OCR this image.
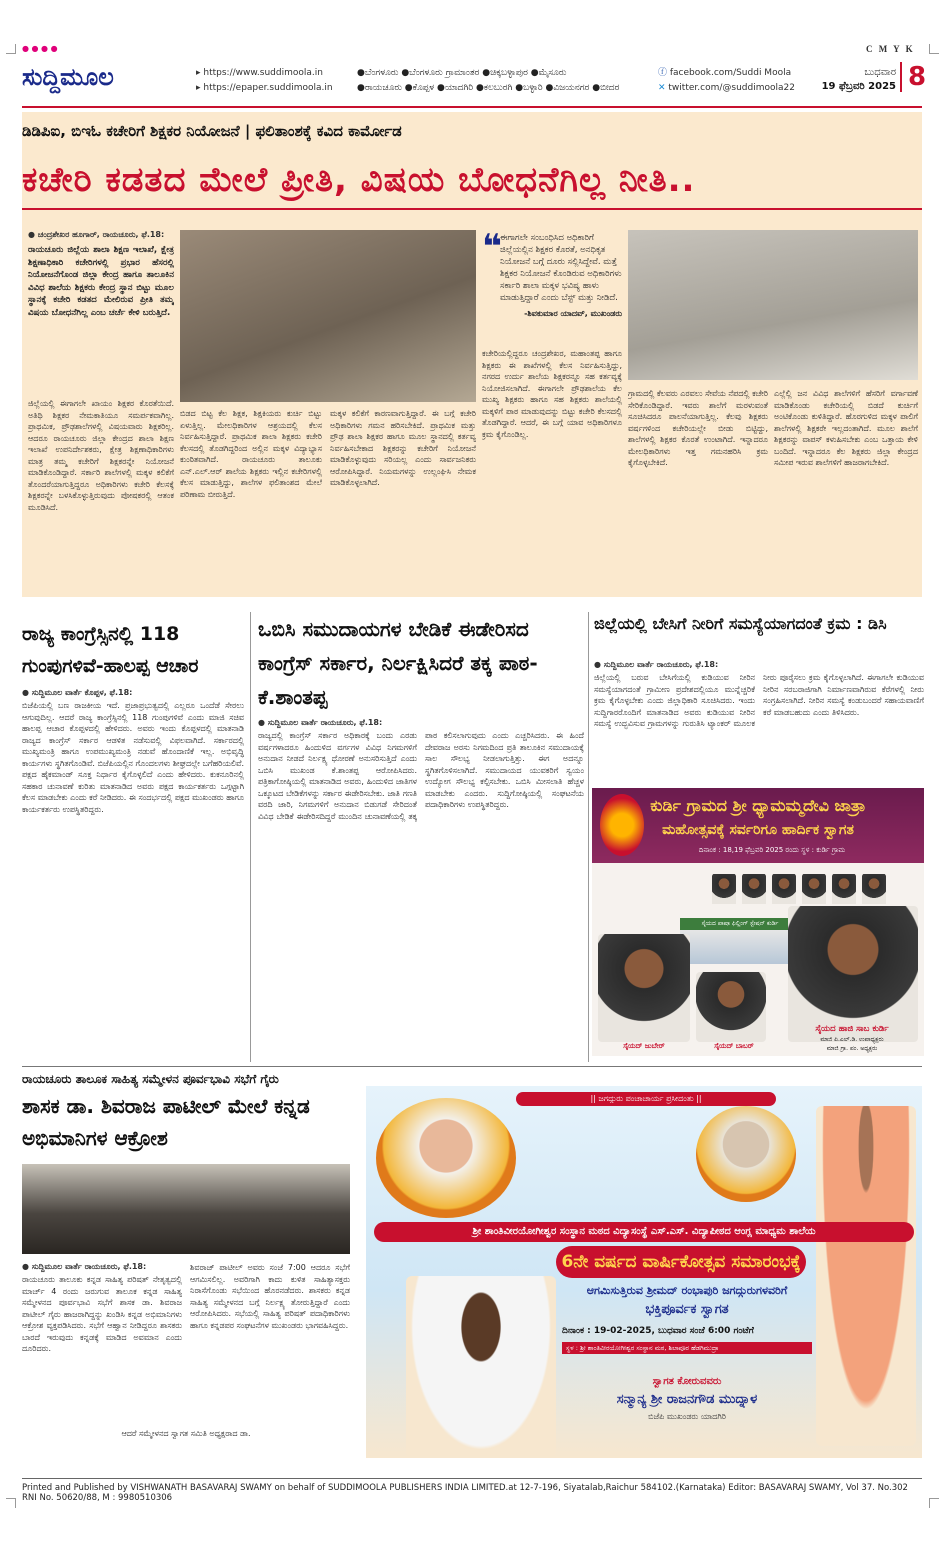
● ● ● ●	C M Y K
ಸುದ್ದಿಮೂಲ	▸ https://www.suddimoola.in
▸ https://epaper.suddimoola.in
●ಬೆಂಗಳೂರು ●ಬೆಂಗಳೂರು ಗ್ರಾಮಾಂತರ ●ಚಿಕ್ಕಬಳ್ಳಾಪುರ ●ಮೈಸೂರು
●ರಾಯಚೂರು ●ಕೊಪ್ಪಳ ●ಯಾದಗಿರಿ ●ಕಲಬುರಗಿ ●ಬಳ್ಳಾರಿ ●ವಿಜಯನಗರ ●ಬೀದರ
ⓕ facebook.com/Suddi Moola
✕ twitter.com/@suddimoola22
ಬುಧವಾರ
19 ಫೆಬ್ರವರಿ 2025 8
ಡಿಡಿಪಿಐ, ಬಿಇಓ ಕಚೇರಿಗೆ ಶಿಕ್ಷಕರ ನಿಯೋಜನೆ | ಫಲಿತಾಂಶಕ್ಕೆ ಕವಿದ ಕಾರ್ಮೋಡ
ಕಚೇರಿ ಕಡತದ ಮೇಲೆ ಪ್ರೀತಿ, ವಿಷಯ ಬೋಧನೆಗಿಲ್ಲ ನೀತಿ..
● ಚಂದ್ರಶೇಖರ ಹೂಗಾರ್, ರಾಯಚೂರು, ಫೆ.18:
ರಾಯಚೂರು ಜಿಲ್ಲೆಯ ಶಾಲಾ ಶಿಕ್ಷಣ ಇಲಾಖೆ, ಕ್ಷೇತ್ರ ಶಿಕ್ಷಣಾಧಿಕಾರಿ ಕಚೇರಿಗಳಲ್ಲಿ ಪ್ರಭಾರ ಹೆಸರಲ್ಲಿ ನಿಯೋಜನೆಗೊಂಡ ಜಿಲ್ಲಾ ಕೇಂದ್ರ ಹಾಗೂ ತಾಲೂಕಿನ ವಿವಿಧ ಶಾಲೆಯ ಶಿಕ್ಷಕರು ಕೇಂದ್ರ ಸ್ಥಾನ ಬಿಟ್ಟು ಮೂಲ ಸ್ಥಾನಕ್ಕೆ ಕಚೇರಿ ಕಡತದ ಮೇಲಿರುವ ಪ್ರೀತಿ ತಮ್ಮ ವಿಷಯ ಬೋಧನೆಗಿಲ್ಲ ಎಂಬ ಚರ್ಚೆ ಕೇಳಿ ಬರುತ್ತಿದೆ.
❝
ಈಗಾಗಲೇ ಸಂಬಂಧಿಸಿದ ಅಧಿಕಾರಿಗೆ ಜಿಲ್ಲೆಯಲ್ಲಿನ ಶಿಕ್ಷಕರ ಕೊರತೆ, ಅನಧಿಕೃತ ನಿಯೋಜನೆ ಬಗ್ಗೆ ದೂರು ಸಲ್ಲಿಸಿದ್ದೇವೆ. ಮತ್ತೆ ಶಿಕ್ಷಕರ ನಿಯೋಜನೆ ಕೊಂಡಿರುವ ಅಧಿಕಾರಿಗಳು ಸರ್ಕಾರಿ ಶಾಲಾ ಮಕ್ಕಳ ಭವಿಷ್ಯ ಹಾಳು ಮಾಡುತ್ತಿದ್ದಾರೆ ಎಂದು ಬೆಸ್ಟ್ ಮತ್ತು ನೀಡಿದೆ.
-ಶಿವಕುಮಾರ ಯಾದವ್, ಮುಖಂಡರು
ಜಿಲ್ಲೆಯಲ್ಲಿ ಈಗಾಗಲೇ ಖಾಯಂ ಶಿಕ್ಷಕರ ಕೊರತೆಯಿದೆ. ಅತಿಥಿ ಶಿಕ್ಷಕರ ನೇಮಕಾತಿಯೂ ಸಮರ್ಪಕವಾಗಿಲ್ಲ. ಪ್ರಾಥಮಿಕ, ಪ್ರೌಢಶಾಲೆಗಳಲ್ಲಿ ವಿಷಯವಾರು ಶಿಕ್ಷಕರಿಲ್ಲ. ಆದರೂ ರಾಯಚೂರು ಜಿಲ್ಲಾ ಕೇಂದ್ರದ ಶಾಲಾ ಶಿಕ್ಷಣ ಇಲಾಖೆ ಉಪನಿರ್ದೇಶಕರು, ಕ್ಷೇತ್ರ ಶಿಕ್ಷಣಾಧಿಕಾರಿಗಳು ಮಾತ್ರ ತಮ್ಮ ಕಚೇರಿಗೆ ಶಿಕ್ಷಕರನ್ನೇ ನಿಯೋಜನೆ ಮಾಡಿಕೊಂಡಿದ್ದಾರೆ. ಸರ್ಕಾರಿ ಶಾಲೆಗಳಲ್ಲಿ ಮಕ್ಕಳ ಕಲಿಕೆಗೆ ತೊಂದರೆಯಾಗುತ್ತಿದ್ದರೂ ಅಧಿಕಾರಿಗಳು ಕಚೇರಿ ಕೆಲಸಕ್ಕೆ ಶಿಕ್ಷಕರನ್ನೇ ಬಳಸಿಕೊಳ್ಳುತ್ತಿರುವುದು ಪೋಷಕರಲ್ಲಿ ಆತಂಕ ಮೂಡಿಸಿದೆ.
ಬಿಡದ ಬಿಟ್ಟ ಕೆಲ ಶಿಕ್ಷಕ, ಶಿಕ್ಷಕಿಯರು ಕುರ್ಚಿ ಬಿಟ್ಟು ಏಳುತ್ತಿಲ್ಲ. ಮೇಲಧಿಕಾರಿಗಳ ಆಶ್ರಯದಲ್ಲಿ ಕೆಲಸ ನಿರ್ವಹಿಸುತ್ತಿದ್ದಾರೆ. ಪ್ರಾಥಮಿಕ ಶಾಲಾ ಶಿಕ್ಷಕರು ಕಚೇರಿ ಕೆಲಸದಲ್ಲಿ ತೊಡಗಿದ್ದರಿಂದ ಅಲ್ಲಿನ ಮಕ್ಕಳ ವಿದ್ಯಾಭ್ಯಾಸ ಕುಂಠಿತವಾಗಿದೆ. ರಾಯಚೂರು ತಾಲೂಕು ಎನ್.ಎಲ್.ಆರ್ ಶಾಲೆಯ ಶಿಕ್ಷಕರು ಇಲ್ಲಿನ ಕಚೇರಿಗಳಲ್ಲಿ ಕೆಲಸ ಮಾಡುತ್ತಿದ್ದು, ಶಾಲೆಗಳ ಫಲಿತಾಂಶದ ಮೇಲೆ ಪರಿಣಾಮ ಬೀರುತ್ತಿದೆ.
ಮಕ್ಕಳ ಕಲಿಕೆಗೆ ಕಾರಣವಾಗುತ್ತಿದ್ದಾರೆ. ಈ ಬಗ್ಗೆ ಕಚೇರಿ ಅಧಿಕಾರಿಗಳು ಗಮನ ಹರಿಸಬೇಕಿದೆ. ಪ್ರಾಥಮಿಕ ಮತ್ತು ಪ್ರೌಢ ಶಾಲಾ ಶಿಕ್ಷಕರ ಹಾಗೂ ಮೂಲ ಸ್ಥಾನದಲ್ಲಿ ಕರ್ತವ್ಯ ನಿರ್ವಹಿಸಬೇಕಾದ ಶಿಕ್ಷಕರನ್ನು ಕಚೇರಿಗೆ ನಿಯೋಜನೆ ಮಾಡಿಕೊಳ್ಳುವುದು ಸರಿಯಲ್ಲ ಎಂದು ಸಾರ್ವಜನಿಕರು ಆರೋಪಿಸಿದ್ದಾರೆ. ನಿಯಮಗಳನ್ನು ಉಲ್ಲಂಘಿಸಿ ನೇಮಕ ಮಾಡಿಕೊಳ್ಳಲಾಗಿದೆ.
ಕಚೇರಿಯಲ್ಲಿದ್ದರೂ ಚಂದ್ರಶೇಖರ, ಮಹಾಂತಪ್ಪ ಹಾಗೂ ಶಿಕ್ಷಕರು ಈ ಶಾಖೆಗಳಲ್ಲಿ ಕೆಲಸ ನಿರ್ವಹಿಸುತ್ತಿದ್ದು, ನಗರದ ಉರ್ದು ಶಾಲೆಯ ಶಿಕ್ಷಕರನ್ನೂ ಸಹ ಕರ್ತವ್ಯಕ್ಕೆ ನಿಯೋಜಿಸಲಾಗಿದೆ. ಈಗಾಗಲೇ ಪ್ರೌಢಶಾಲೆಯ ಕೆಲ ಮುಖ್ಯ ಶಿಕ್ಷಕರು ಹಾಗೂ ಸಹ ಶಿಕ್ಷಕರು ಶಾಲೆಯಲ್ಲಿ ಮಕ್ಕಳಿಗೆ ಪಾಠ ಮಾಡುವುದನ್ನು ಬಿಟ್ಟು ಕಚೇರಿ ಕೆಲಸದಲ್ಲಿ ತೊಡಗಿದ್ದಾರೆ. ಆದರೆ, ಈ ಬಗ್ಗೆ ಯಾವ ಅಧಿಕಾರಿಗಳೂ ಕ್ರಮ ಕೈಗೊಂಡಿಲ್ಲ.
ಗ್ರಾಮದಲ್ಲಿ ಕೆಲವರು ಎರವಲು ಸೇವೆಯ ನೆಪದಲ್ಲಿ ಕಚೇರಿ ಸೇರಿಕೊಂಡಿದ್ದಾರೆ. ಇವರು ಶಾಲೆಗೆ ಮರಳುವಂತೆ ಸೂಚಿಸಿದರೂ ಪಾಲನೆಯಾಗುತ್ತಿಲ್ಲ. ಕೆಲವು ಶಿಕ್ಷಕರು ವರ್ಷಗಳಿಂದ ಕಚೇರಿಯಲ್ಲೇ ಬೀಡು ಬಿಟ್ಟಿದ್ದು, ಶಾಲೆಗಳಲ್ಲಿ ಶಿಕ್ಷಕರ ಕೊರತೆ ಉಂಟಾಗಿದೆ. ಇನ್ನಾದರೂ ಮೇಲಧಿಕಾರಿಗಳು ಇತ್ತ ಗಮನಹರಿಸಿ ಕ್ರಮ ಕೈಗೊಳ್ಳಬೇಕಿದೆ.
ಎಲ್ಲೆಲ್ಲಿ ಜನ ವಿವಿಧ ಶಾಲೆಗಳಿಗೆ ಹೆಸರಿಗೆ ವರ್ಗಾವಣೆ ಮಾಡಿಕೊಂಡು ಕಚೇರಿಯಲ್ಲಿ ಬಿಡದೆ ಕುರ್ಚಿಗೆ ಅಂಟಿಕೊಂಡು ಕುಳಿತಿದ್ದಾರೆ. ಹೊರಗುಳಿದ ಮಕ್ಕಳ ಪಾಲಿಗೆ ಶಾಲೆಗಳಲ್ಲಿ ಶಿಕ್ಷಕರೇ ಇಲ್ಲದಂತಾಗಿದೆ. ಮೂಲ ಶಾಲೆಗೆ ಶಿಕ್ಷಕರನ್ನು ವಾಪಸ್ ಕಳುಹಿಸಬೇಕು ಎಂಬ ಒತ್ತಾಯ ಕೇಳಿ ಬಂದಿದೆ. ಇನ್ನಾದರೂ ಕೆಲ ಶಿಕ್ಷಕರು ಜಿಲ್ಲಾ ಕೇಂದ್ರದ ಸಮೀಪ ಇರುವ ಶಾಲೆಗಳಿಗೆ ಹಾಜರಾಗಬೇಕಿದೆ.
ರಾಜ್ಯ ಕಾಂಗ್ರೆಸ್ಸಿನಲ್ಲಿ 118 ಗುಂಪುಗಳಿವೆ-ಹಾಲಪ್ಪ ಆಚಾರ
● ಸುದ್ದಿಮೂಲ ವಾರ್ತೆ ಕೊಪ್ಪಳ, ಫೆ.18:
ಬಿಜೆಪಿಯಲ್ಲಿ ಬಣ ರಾಜಕೀಯ ಇದೆ. ಪ್ರಜಾಪ್ರಭುತ್ವದಲ್ಲಿ ಎಲ್ಲರೂ ಒಂದೆಡೆ ಸೇರಲು ಆಗುವುದಿಲ್ಲ. ಆದರೆ ರಾಜ್ಯ ಕಾಂಗ್ರೆಸ್ಸಿನಲ್ಲಿ 118 ಗುಂಪುಗಳಿವೆ ಎಂದು ಮಾಜಿ ಸಚಿವ ಹಾಲಪ್ಪ ಆಚಾರ ಕೊಪ್ಪಳದಲ್ಲಿ ಹೇಳಿದರು. ಅವರು ಇಂದು ಕೊಪ್ಪಳದಲ್ಲಿ ಮಾತನಾಡಿ ರಾಜ್ಯದ ಕಾಂಗ್ರೆಸ್ ಸರ್ಕಾರ ಆಡಳಿತ ನಡೆಸುವಲ್ಲಿ ವಿಫಲವಾಗಿದೆ. ಸರ್ಕಾರದಲ್ಲಿ ಮುಖ್ಯಮಂತ್ರಿ ಹಾಗೂ ಉಪಮುಖ್ಯಮಂತ್ರಿ ನಡುವೆ ಹೊಂದಾಣಿಕೆ ಇಲ್ಲ. ಅಭಿವೃದ್ಧಿ ಕಾರ್ಯಗಳು ಸ್ಥಗಿತಗೊಂಡಿವೆ. ಬಿಜೆಪಿಯಲ್ಲಿನ ಗೊಂದಲಗಳು ಶೀಘ್ರದಲ್ಲೇ ಬಗೆಹರಿಯಲಿವೆ. ಪಕ್ಷದ ಹೈಕಮಾಂಡ್ ಸೂಕ್ತ ನಿರ್ಧಾರ ಕೈಗೊಳ್ಳಲಿದೆ ಎಂದು ಹೇಳಿದರು. ಕುಕನೂರಿನಲ್ಲಿ ಸಹಕಾರ ಚುನಾವಣೆ ಕುರಿತು ಮಾತನಾಡಿದ ಅವರು ಪಕ್ಷದ ಕಾರ್ಯಕರ್ತರು ಒಗ್ಗಟ್ಟಾಗಿ ಕೆಲಸ ಮಾಡಬೇಕು ಎಂದು ಕರೆ ನೀಡಿದರು. ಈ ಸಂದರ್ಭದಲ್ಲಿ ಪಕ್ಷದ ಮುಖಂಡರು ಹಾಗೂ ಕಾರ್ಯಕರ್ತರು ಉಪಸ್ಥಿತರಿದ್ದರು.
ಒಬಿಸಿ ಸಮುದಾಯಗಳ ಬೇಡಿಕೆ ಈಡೇರಿಸದ ಕಾಂಗ್ರೆಸ್ ಸರ್ಕಾರ, ನಿರ್ಲಕ್ಷಿಸಿದರೆ ತಕ್ಕ ಪಾಠ-ಕೆ.ಶಾಂತಪ್ಪ
● ಸುದ್ದಿಮೂಲ ವಾರ್ತೆ ರಾಯಚೂರು, ಫೆ.18:
ರಾಜ್ಯದಲ್ಲಿ ಕಾಂಗ್ರೆಸ್ ಸರ್ಕಾರ ಅಧಿಕಾರಕ್ಕೆ ಬಂದು ಎರಡು ವರ್ಷಗಳಾದರೂ ಹಿಂದುಳಿದ ವರ್ಗಗಳ ವಿವಿಧ ನಿಗಮಗಳಿಗೆ ಅನುದಾನ ನೀಡದೆ ನಿರ್ಲಕ್ಷ್ಯ ಧೋರಣೆ ಅನುಸರಿಸುತ್ತಿದೆ ಎಂದು ಒಬಿಸಿ ಮುಖಂಡ ಕೆ.ಶಾಂತಪ್ಪ ಆರೋಪಿಸಿದರು. ಪತ್ರಿಕಾಗೋಷ್ಠಿಯಲ್ಲಿ ಮಾತನಾಡಿದ ಅವರು, ಹಿಂದುಳಿದ ಜಾತಿಗಳ ಒಕ್ಕೂಟದ ಬೇಡಿಕೆಗಳನ್ನು ಸರ್ಕಾರ ಈಡೇರಿಸಬೇಕು. ಜಾತಿ ಗಣತಿ ವರದಿ ಜಾರಿ, ನಿಗಮಗಳಿಗೆ ಅನುದಾನ ಬಿಡುಗಡೆ ಸೇರಿದಂತೆ ವಿವಿಧ ಬೇಡಿಕೆ ಈಡೇರಿಸದಿದ್ದರೆ ಮುಂದಿನ ಚುನಾವಣೆಯಲ್ಲಿ ತಕ್ಕ ಪಾಠ ಕಲಿಸಲಾಗುವುದು ಎಂದು ಎಚ್ಚರಿಸಿದರು. ಈ ಹಿಂದೆ ದೇವರಾಜ ಅರಸು ನಿಗಮದಿಂದ ಪ್ರತಿ ತಾಲೂಕಿನ ಸಮುದಾಯಕ್ಕೆ ಸಾಲ ಸೌಲಭ್ಯ ನೀಡಲಾಗುತ್ತಿತ್ತು. ಈಗ ಅದನ್ನೂ ಸ್ಥಗಿತಗೊಳಿಸಲಾಗಿದೆ. ಸಮುದಾಯದ ಯುವಕರಿಗೆ ಸ್ವಯಂ ಉದ್ಯೋಗ ಸೌಲಭ್ಯ ಕಲ್ಪಿಸಬೇಕು. ಒಬಿಸಿ ಮೀಸಲಾತಿ ಹೆಚ್ಚಳ ಮಾಡಬೇಕು ಎಂದರು. ಸುದ್ದಿಗೋಷ್ಠಿಯಲ್ಲಿ ಸಂಘಟನೆಯ ಪದಾಧಿಕಾರಿಗಳು ಉಪಸ್ಥಿತರಿದ್ದರು.
ಜಿಲ್ಲೆಯಲ್ಲಿ ಬೇಸಿಗೆ ನೀರಿಗೆ ಸಮಸ್ಯೆಯಾಗದಂತೆ ಕ್ರಮ : ಡಿಸಿ
● ಸುದ್ದಿಮೂಲ ವಾರ್ತೆ ರಾಯಚೂರು, ಫೆ.18:
ಜಿಲ್ಲೆಯಲ್ಲಿ ಬರುವ ಬೇಸಿಗೆಯಲ್ಲಿ ಕುಡಿಯುವ ನೀರಿನ ಸಮಸ್ಯೆಯಾಗದಂತೆ ಗ್ರಾಮೀಣ ಪ್ರದೇಶದಲ್ಲಿಯೂ ಮುನ್ನೆಚ್ಚರಿಕೆ ಕ್ರಮ ಕೈಗೊಳ್ಳಬೇಕು ಎಂದು ಜಿಲ್ಲಾಧಿಕಾರಿ ಸೂಚಿಸಿದರು. ಇಂದು ಸುದ್ದಿಗಾರರೊಂದಿಗೆ ಮಾತನಾಡಿದ ಅವರು ಕುಡಿಯುವ ನೀರಿನ ಸಮಸ್ಯೆ ಉದ್ಭವಿಸುವ ಗ್ರಾಮಗಳನ್ನು ಗುರುತಿಸಿ ಟ್ಯಾಂಕರ್ ಮೂಲಕ ನೀರು ಪೂರೈಸಲು ಕ್ರಮ ಕೈಗೊಳ್ಳಲಾಗಿದೆ. ಈಗಾಗಲೇ ಕುಡಿಯುವ ನೀರಿನ ಸರಬರಾಜಿಗಾಗಿ ನಿರ್ಮಾಣವಾಗಿರುವ ಕೆರೆಗಳಲ್ಲಿ ನೀರು ಸಂಗ್ರಹಿಸಲಾಗಿದೆ. ನೀರಿನ ಸಮಸ್ಯೆ ಕಂಡುಬಂದರೆ ಸಹಾಯವಾಣಿಗೆ ಕರೆ ಮಾಡಬಹುದು ಎಂದು ತಿಳಿಸಿದರು.
ಕುರ್ಡಿ ಗ್ರಾಮದ ಶ್ರೀ ಧ್ಯಾಮಮ್ಮದೇವಿ ಜಾತ್ರಾ
ಮಹೋತ್ಸವಕ್ಕೆ ಸರ್ವರಿಗೂ ಹಾರ್ದಿಕ ಸ್ವಾಗತ
ದಿನಾಂಕ : 18,19 ಫೆಬ್ರವರಿ 2025 ರಂದು ಸ್ಥಳ : ಕುರ್ಡಿ ಗ್ರಾಮ
ಸೈಯದ ಪಾಷಾ ಫಿಲ್ಲಿಂಗ್ ಸ್ಟೇಷನ್ ಕುರ್ಡಿ
ಸೈಯದ್ ಜುಬೇರ್	ಸೈಯದ್ ಬಾಬರ್
ಸೈಯದ ಹಾಜಿ ಸಾಬ ಕುರ್ಡಿ
ಮಾಜಿ ಪಿ.ಎಲ್.ಡಿ. ಉಪಾಧ್ಯಕ್ಷರು
ಮಾಜಿ ಗ್ರಾ. ಪಂ. ಅಧ್ಯಕ್ಷರು
ರಾಯಚೂರು ತಾಲೂಕ ಸಾಹಿತ್ಯ ಸಮ್ಮೇಳನ ಪೂರ್ವಭಾವಿ ಸಭೆಗೆ ಗೈರು
ಶಾಸಕ ಡಾ. ಶಿವರಾಜ ಪಾಟೀಲ್ ಮೇಲೆ ಕನ್ನಡ ಅಭಿಮಾನಿಗಳ ಆಕ್ರೋಶ
● ಸುದ್ದಿಮೂಲ ವಾರ್ತೆ ರಾಯಚೂರು, ಫೆ.18:
ರಾಯಚೂರು ತಾಲೂಕು ಕನ್ನಡ ಸಾಹಿತ್ಯ ಪರಿಷತ್ ನೇತೃತ್ವದಲ್ಲಿ ಮಾರ್ಚ್ 4 ರಂದು ಜರುಗುವ ತಾಲೂಕ ಕನ್ನಡ ಸಾಹಿತ್ಯ ಸಮ್ಮೇಳನದ ಪೂರ್ವಭಾವಿ ಸಭೆಗೆ ಶಾಸಕ ಡಾ. ಶಿವರಾಜ ಪಾಟೀಲ್ ಗೈರು ಹಾಜರಾಗಿದ್ದನ್ನು ಖಂಡಿಸಿ ಕನ್ನಡ ಅಭಿಮಾನಿಗಳು ಆಕ್ರೋಶ ವ್ಯಕ್ತಪಡಿಸಿದರು. ಸಭೆಗೆ ಆಹ್ವಾನ ನೀಡಿದ್ದರೂ ಶಾಸಕರು ಬಾರದೆ ಇರುವುದು ಕನ್ನಡಕ್ಕೆ ಮಾಡಿದ ಅವಮಾನ ಎಂದು ದೂರಿದರು.
ಶಿವರಾಜ್ ಪಾಟೀಲ್ ಅವರು ಸಂಜೆ 7:00 ಆದರೂ ಸಭೆಗೆ ಆಗಮಿಸಲಿಲ್ಲ. ಅವರಿಗಾಗಿ ಕಾದು ಕುಳಿತ ಸಾಹಿತ್ಯಾಸಕ್ತರು ನಿರಾಸೆಗೊಂಡು ಸಭೆಯಿಂದ ಹೊರನಡೆದರು. ಶಾಸಕರು ಕನ್ನಡ ಸಾಹಿತ್ಯ ಸಮ್ಮೇಳನದ ಬಗ್ಗೆ ನಿರ್ಲಕ್ಷ್ಯ ತೋರುತ್ತಿದ್ದಾರೆ ಎಂದು ಆರೋಪಿಸಿದರು. ಸಭೆಯಲ್ಲಿ ಸಾಹಿತ್ಯ ಪರಿಷತ್ ಪದಾಧಿಕಾರಿಗಳು ಹಾಗೂ ಕನ್ನಡಪರ ಸಂಘಟನೆಗಳ ಮುಖಂಡರು ಭಾಗವಹಿಸಿದ್ದರು.
ಆದರೆ ಸಮ್ಮೇಳನದ ಸ್ವಾಗತ ಸಮಿತಿ ಅಧ್ಯಕ್ಷರಾದ ಡಾ.
|| ಜಗದ್ಗುರು ಪಂಚಾಚಾರ್ಯ ಪ್ರಸೀದಂತು ||
ಶ್ರೀ ಶಾಂತಿವೀರಯೋಗೀಶ್ವರ ಸಂಸ್ಥಾನ ಮಠದ ವಿದ್ಯಾಸಂಸ್ಥೆ ಎಸ್.ಎಸ್. ವಿದ್ಯಾಪೀಠದ ಆಂಗ್ಲ ಮಾಧ್ಯಮ ಶಾಲೆಯ
6ನೇ ವರ್ಷದ ವಾರ್ಷಿಕೋತ್ಸವ ಸಮಾರಂಭಕ್ಕೆ
ಆಗಮಿಸುತ್ತಿರುವ ಶ್ರೀಮದ್ ರಂಭಾಪುರಿ ಜಗದ್ಗುರುಗಳವರಿಗೆ
ಭಕ್ತಿಪೂರ್ವಕ ಸ್ವಾಗತ
ದಿನಾಂಕ : 19-02-2025, ಬುಧವಾರ ಸಂಜೆ 6:00 ಗಂಟೆಗೆ
ಸ್ಥಳ : ಶ್ರೀ ಶಾಂತಿವೀರಯೋಗೀಶ್ವರ ಸಂಸ್ಥಾನ ಮಠ, ಶಿಲಾಪೂರ ಹೆಡಗಿಮುದ್ರಾ
ಸ್ವಾಗತ ಕೋರುವವರು
ಸನ್ಮಾನ್ಯ ಶ್ರೀ ರಾಜನಗೌಡ ಮುದ್ನಾಳ
ಬಿಜೆಪಿ ಮುಖಂಡರು ಯಾದಗಿರಿ
Printed and Published by VISHWANATH BASAVARAJ SWAMY on behalf of SUDDIMOOLA PUBLISHERS INDIA LIMITED.at 12-7-196, Siyatalab,Raichur 584102.(Karnataka) Editor: BASAVARAJ SWAMY, Vol 37. No.302 RNI No. 50620/88, M : 9980510306
